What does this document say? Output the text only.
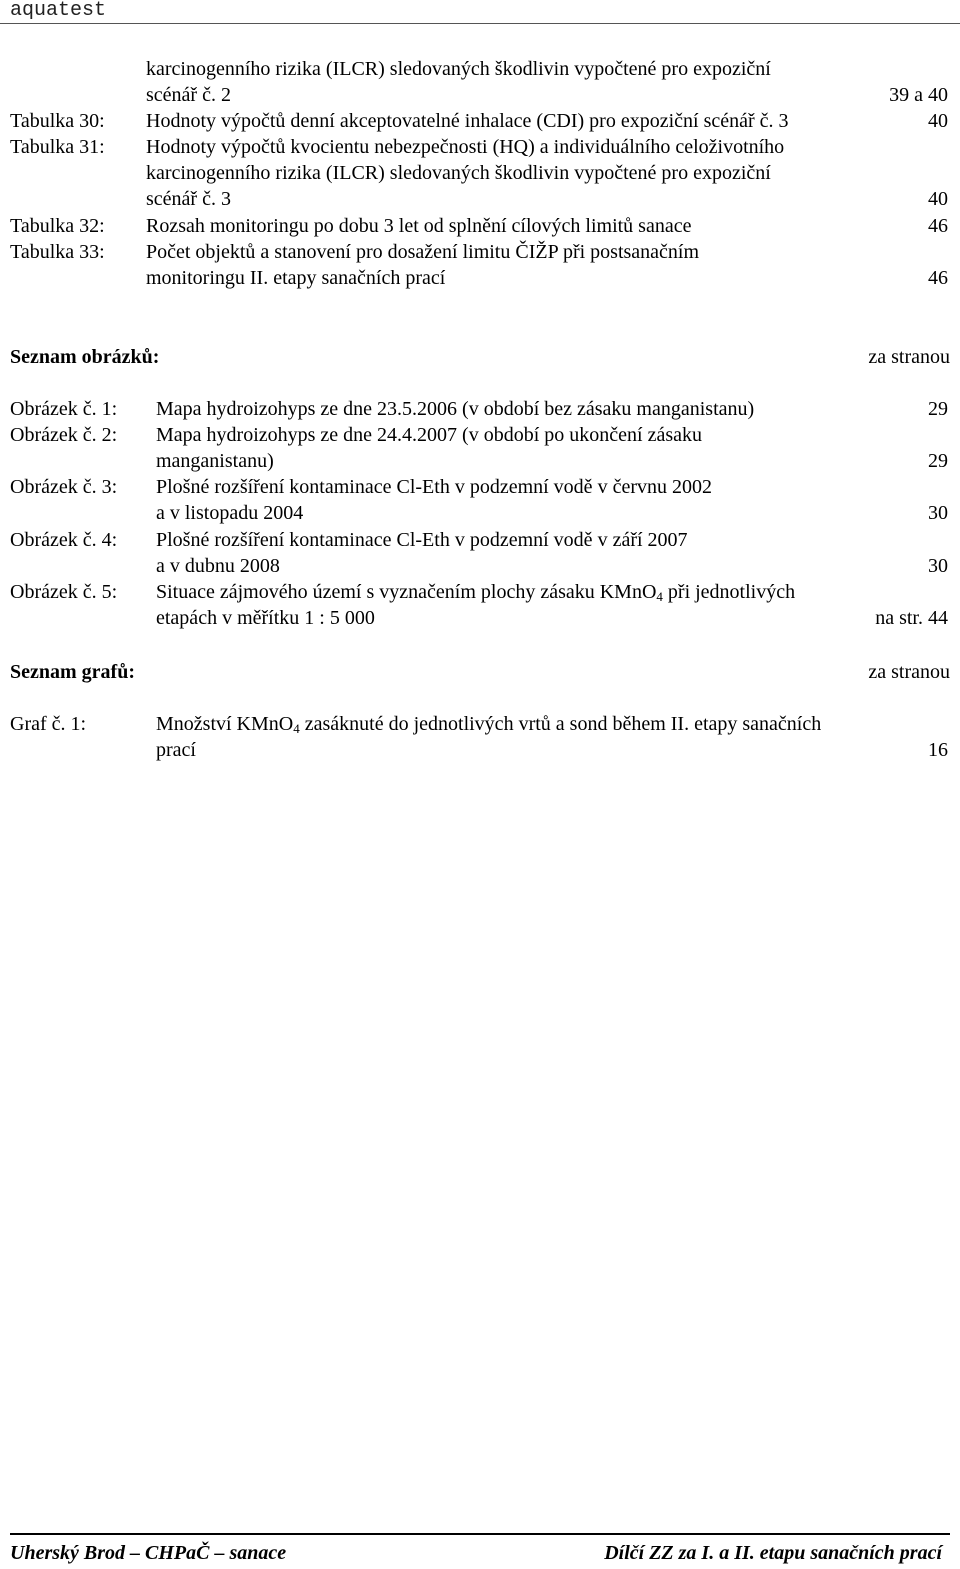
aquatest
karcinogenního rizika (ILCR) sledovaných škodlivin vypočtené pro expoziční
scénář č. 2	39 a 40
Tabulka 30: Hodnoty výpočtů denní akceptovatelné inhalace (CDI) pro expoziční scénář č. 3	40
Tabulka 31: Hodnoty výpočtů kvocientu nebezpečnosti (HQ) a individuálního celoživotního
karcinogenního rizika (ILCR) sledovaných škodlivin vypočtené pro expoziční
scénář č. 3	40
Tabulka 32: Rozsah monitoringu po dobu 3 let od splnění cílových limitů sanace	46
Tabulka 33: Počet objektů a stanovení pro dosažení limitu ČIŽP při postsanačním
monitoringu II. etapy sanačních prací	46
Seznam obrázků:	za stranou
Obrázek č. 1: Mapa hydroizohyps ze dne 23.5.2006 (v období bez zásaku manganistanu)	29
Obrázek č. 2: Mapa hydroizohyps ze dne 24.4.2007 (v období po ukončení zásaku
manganistanu)	29
Obrázek č. 3: Plošné rozšíření kontaminace Cl-Eth v podzemní vodě v červnu 2002
a v listopadu 2004	30
Obrázek č. 4: Plošné rozšíření kontaminace Cl-Eth v podzemní vodě v září 2007
a v dubnu 2008	30
Obrázek č. 5: Situace zájmového území s vyznačením plochy zásaku KMnO$_4$ při jednotlivých
etapách v měřítku 1 : 5 000	na str. 44
Seznam grafů:	za stranou
Graf č. 1:	Množství KMnO$_4$ zasáknuté do jednotlivých vrtů a sond během II. etapy sanačních
prací	16
Uherský Brod – CHPaČ – sanace	Dílčí ZZ za I. a II. etapu sanačních prací
